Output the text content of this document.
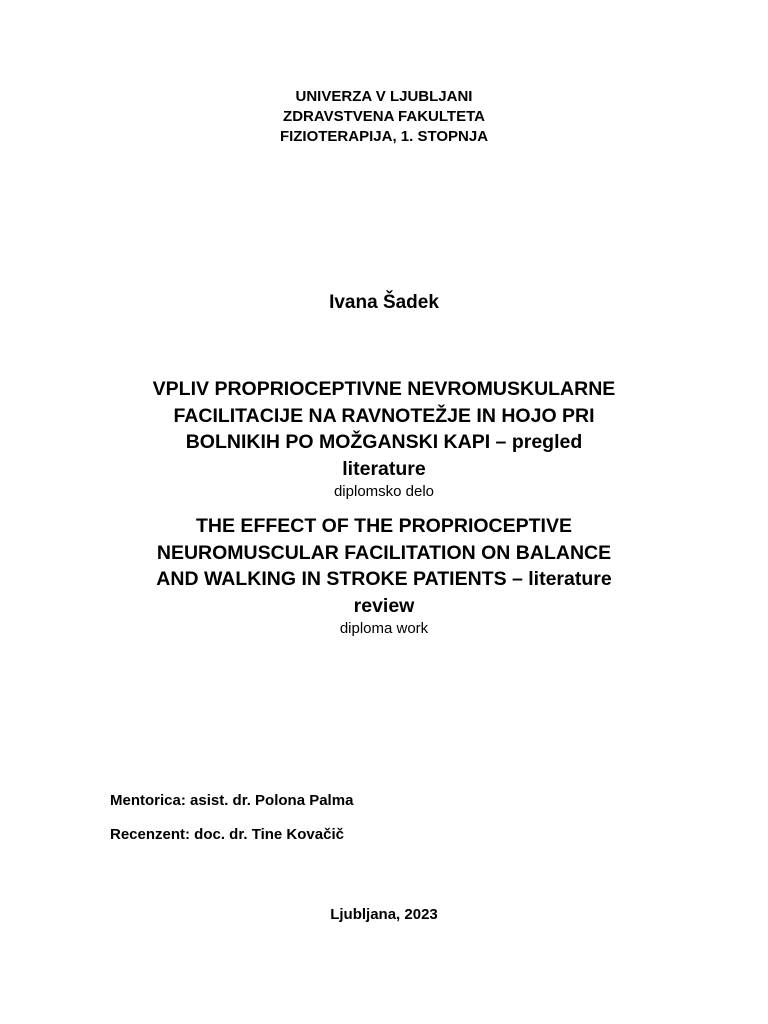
UNIVERZA V LJUBLJANI
ZDRAVSTVENA FAKULTETA
FIZIOTERAPIJA, 1. STOPNJA
Ivana Šadek
VPLIV PROPRIOCEPTIVNE NEVROMUSKULARNE
FACILITACIJE NA RAVNOTEŽJE IN HOJO PRI
BOLNIKIH PO MOŽGANSKI KAPI – pregled
literature
diplomsko delo
THE EFFECT OF THE PROPRIOCEPTIVE
NEUROMUSCULAR FACILITATION ON BALANCE
AND WALKING IN STROKE PATIENTS – literature
review
diploma work
Mentorica: asist. dr. Polona Palma
Recenzent: doc. dr. Tine Kovačič
Ljubljana, 2023
